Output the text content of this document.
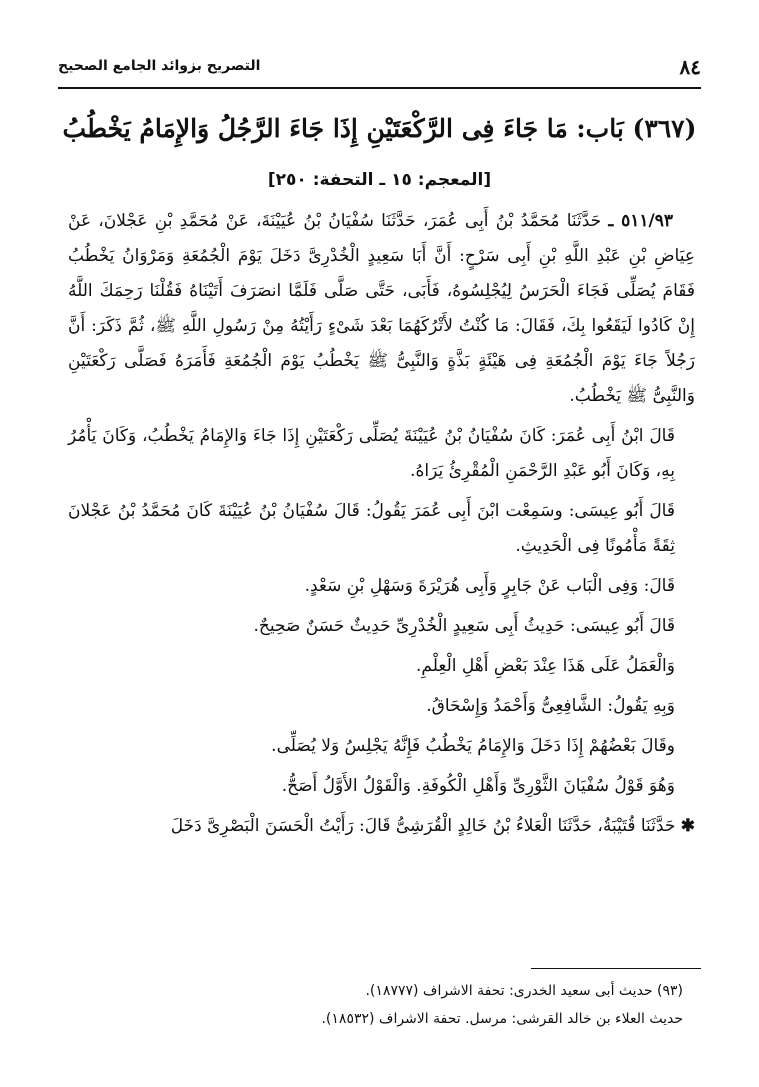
٨٤
التصريح بزوائد الجامع الصحيح
(٣٦٧) بَاب: مَا جَاءَ فِى الرَّكْعَتَيْنِ إِذَا جَاءَ الرَّجُلُ وَالإِمَامُ يَخْطُبُ
[المعجم: ١٥ ـ التحفة: ٢٥٠]

٥١١/٩٣ ـ حَدَّثَنَا مُحَمَّدُ بْنُ أَبِى عُمَرَ، حَدَّثَنَا سُفْيَانُ بْنُ عُيَيْنَةَ، عَنْ مُحَمَّدِ بْنِ عَجْلانَ، عَنْ عِيَاضِ بْنِ عَبْدِ اللَّهِ بْنِ أَبِى سَرْحٍ: أَنَّ أَبَا سَعِيدٍ الْخُدْرِىَّ دَخَلَ يَوْمَ الْجُمُعَةِ وَمَرْوَانُ يَخْطُبُ فَقَامَ يُصَلِّى فَجَاءَ الْحَرَسُ لِيُجْلِسُوهُ، فَأَبَى، حَتَّى صَلَّى فَلَمَّا انصَرَفَ أَتَيْنَاهُ فَقُلْنَا رَحِمَكَ اللَّهُ إِنْ كَادُوا لَيَقَعُوا بِكَ، فَقَالَ: مَا كُنْتُ لأَتْرُكَهُمَا بَعْدَ شَىْءٍ رَأَيْتُهُ مِنْ رَسُولِ اللَّهِ ﷺ، ثُمَّ ذَكَرَ: أَنَّ رَجُلاً جَاءَ يَوْمَ الْجُمُعَةِ فِى هَيْئَةٍ بَذَّةٍ وَالنَّبِىُّ ﷺ يَخْطُبُ يَوْمَ الْجُمُعَةِ فَأَمَرَهُ فَصَلَّى رَكْعَتَيْنِ وَالنَّبِىُّ ﷺ يَخْطُبُ.

قَالَ ابْنُ أَبِى عُمَرَ: كَانَ سُفْيَانُ بْنُ عُيَيْنَةَ يُصَلِّى رَكْعَتَيْنِ إِذَا جَاءَ وَالإِمَامُ يَخْطُبُ، وَكَانَ يَأْمُرُ بِهِ، وَكَانَ أَبُو عَبْدِ الرَّحْمَنِ الْمُقْرِئُ يَرَاهُ.

قَالَ أَبُو عِيسَى: وسَمِعْت ابْنَ أَبِى عُمَرَ يَقُولُ: قَالَ سُفْيَانُ بْنُ عُيَيْنَةَ كَانَ مُحَمَّدُ بْنُ عَجْلانَ ثِقَةً مَأْمُونًا فِى الْحَدِيثِ.

قَالَ: وَفِى الْبَاب عَنْ جَابِرٍ وَأَبِى هُرَيْرَةَ وَسَهْلِ بْنِ سَعْدٍ.

قَالَ أَبُو عِيسَى: حَدِيثُ أَبِى سَعِيدٍ الْخُدْرِىِّ حَدِيثٌ حَسَنٌ صَحِيحٌ.

وَالْعَمَلُ عَلَى هَذَا عِنْدَ بَعْضِ أَهْلِ الْعِلْمِ.

وَبِهِ يَقُولُ: الشَّافِعِىُّ وَأَحْمَدُ وَإِسْحَاقُ.

وقَالَ بَعْضُهُمْ إِذَا دَخَلَ وَالإِمَامُ يَخْطُبُ فَإِنَّهُ يَجْلِسُ وَلا يُصَلِّى.

وَهُوَ قَوْلُ سُفْيَانَ الثَّوْرِىِّ وَأَهْلِ الْكُوفَةِ. وَالْقَوْلُ الأَوَّلُ أَصَحُّ.

✱ حَدَّثَنَا قُتَيْبَةُ، حَدَّثَنَا الْعَلاءُ بْنُ خَالِدٍ الْقُرَشِىُّ قَالَ: رَأَيْتُ الْحَسَنَ الْبَصْرِىَّ دَخَلَ

(٩٣) حديث أبى سعيد الخدرى: تحفة الاشراف (١٨٧٧٧).
حديث العلاء بن خالد القرشى: مرسل. تحفة الاشراف (١٨٥٣٢).
